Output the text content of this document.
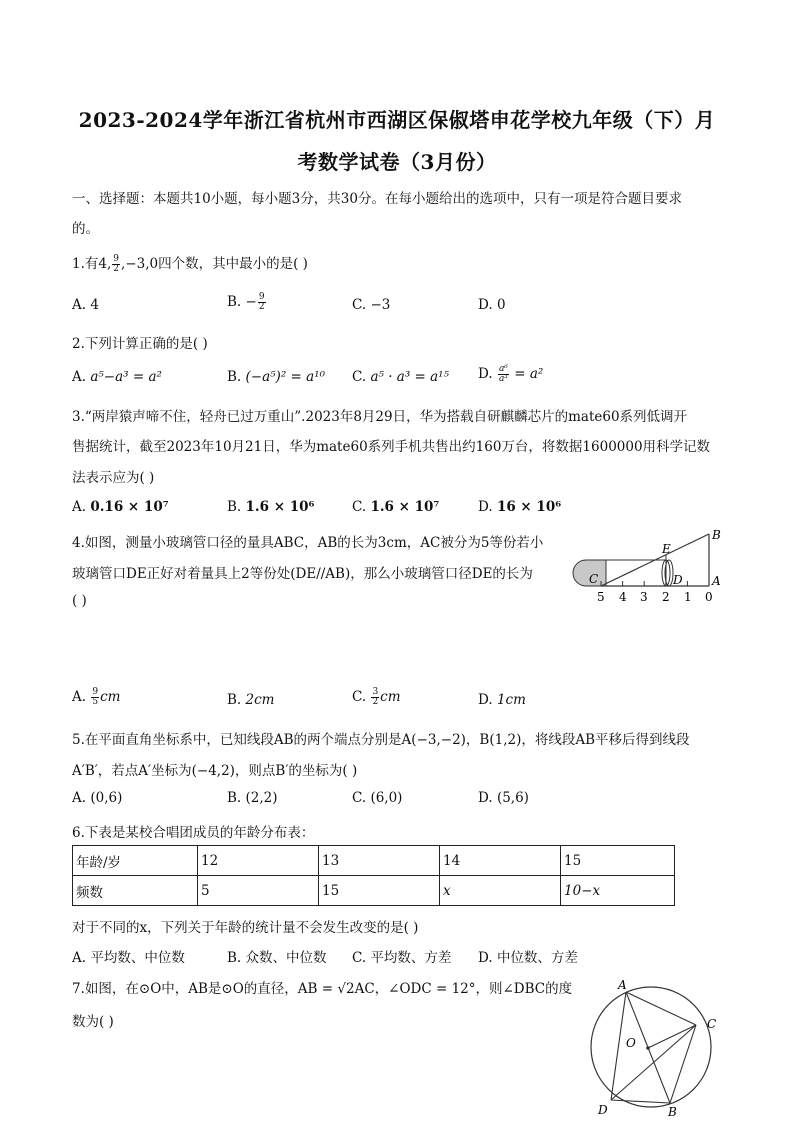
2023-2024学年浙江省杭州市西湖区保俶塔申花学校九年级（下）月
考数学试卷（3月份）
一、选择题：本题共10小题，每小题3分，共30分。在每小题给出的选项中，只有一项是符合题目要求
的。
1.有4, $\frac{9}{2} ,-3,0$四个数，其中最小的是( )
A. 4	B. − $\frac{9}{2}$	C. −3	D. 0
2.下列计算正确的是( )
A. a⁵−a³ = a²	B. (−a⁵)² = a¹⁰ C. a⁵ · a³ = a¹⁵ D. $\frac{\text{a⁶}}{\text{a³}} = a^2$
3.“两岸猿声啼不住，轻舟已过万重山”.2023年8月29日，华为搭载自研麒麟芯片的mate60系列低调开
售据统计，截至2023年10月21日，华为mate60系列手机共售出约160万台，将数据1600000用科学记数
法表示应为( )
A. 0.16 × 10⁷	B. 1.6 × 10⁶	C. 1.6 × 10⁷	D. 16 × 10⁶
4.如图，测量小玻璃管口径的量具ABC，AB的长为3cm，AC被分为5等份若小
玻璃管口DE正好对着量具上2等份处(DE//AB)，那么小玻璃管口径DE的长为
( )
B
E
C	D A
5 4 3 2 1 0
A. $\frac{9}{5}$ cm	B. 2cm	C. $\frac{3}{2}$ cm	D. 1cm
5.在平面直角坐标系中，已知线段AB的两个端点分别是A(−3,−2)，B(1,2)，将线段AB平移后得到线段
A′B′，若点A′坐标为(−4,2)，则点B′的坐标为( )
A. (0,6)	B. (2,2)	C. (6,0)	D. (5,6)
6.下表是某校合唱团成员的年龄分布表：
年龄/岁	12	13	14	15
频数	5	15	x	10−x
对于不同的x，下列关于年龄的统计量不会发生改变的是( )
A. 平均数、中位数	B. 众数、中位数 C. 平均数、方差 D. 中位数、方差
7.如图，在⊙O中，AB是⊙O的直径，AB = √2AC，∠ODC = 12°，则∠DBC的度
数为( )
A
C
O
D	B
